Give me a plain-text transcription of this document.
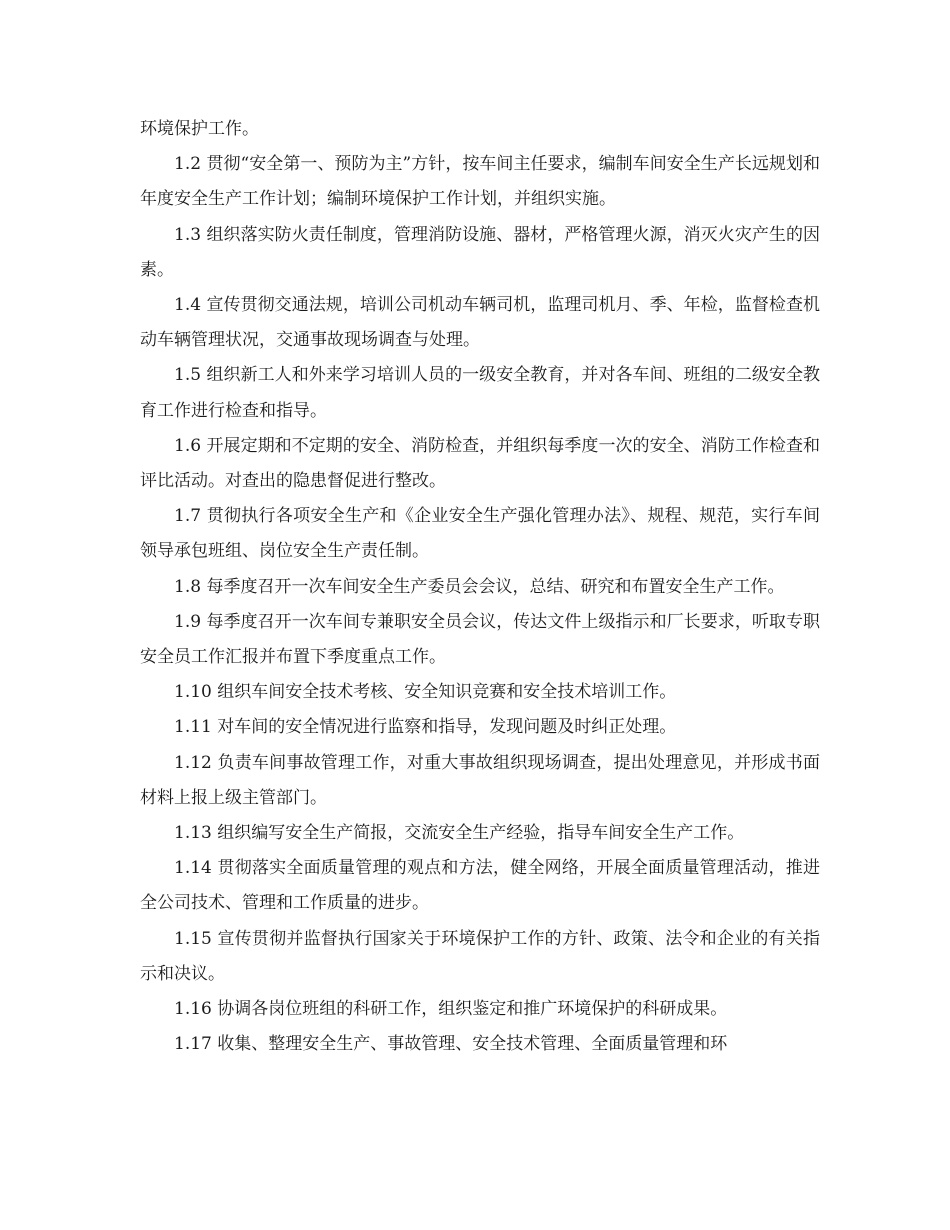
环境保护工作。

1.2 贯彻“安全第一、预防为主”方针，按车间主任要求，编制车间安全生产长远规划和年度安全生产工作计划；编制环境保护工作计划，并组织实施。

1.3 组织落实防火责任制度，管理消防设施、器材，严格管理火源，消灭火灾产生的因素。

1.4 宣传贯彻交通法规，培训公司机动车辆司机，监理司机月、季、年检，监督检查机动车辆管理状况，交通事故现场调查与处理。

1.5 组织新工人和外来学习培训人员的一级安全教育，并对各车间、班组的二级安全教育工作进行检查和指导。

1.6 开展定期和不定期的安全、消防检查，并组织每季度一次的安全、消防工作检查和评比活动。对查出的隐患督促进行整改。

1.7 贯彻执行各项安全生产和《企业安全生产强化管理办法》、规程、规范，实行车间领导承包班组、岗位安全生产责任制。

1.8 每季度召开一次车间安全生产委员会会议，总结、研究和布置安全生产工作。

1.9 每季度召开一次车间专兼职安全员会议，传达文件上级指示和厂长要求，听取专职安全员工作汇报并布置下季度重点工作。

1.10 组织车间安全技术考核、安全知识竞赛和安全技术培训工作。

1.11 对车间的安全情况进行监察和指导，发现问题及时纠正处理。

1.12 负责车间事故管理工作，对重大事故组织现场调查，提出处理意见，并形成书面材料上报上级主管部门。

1.13 组织编写安全生产简报，交流安全生产经验，指导车间安全生产工作。

1.14 贯彻落实全面质量管理的观点和方法，健全网络，开展全面质量管理活动，推进全公司技术、管理和工作质量的进步。

1.15 宣传贯彻并监督执行国家关于环境保护工作的方针、政策、法令和企业的有关指示和决议。

1.16 协调各岗位班组的科研工作，组织鉴定和推广环境保护的科研成果。

1.17 收集、整理安全生产、事故管理、安全技术管理、全面质量管理和环
